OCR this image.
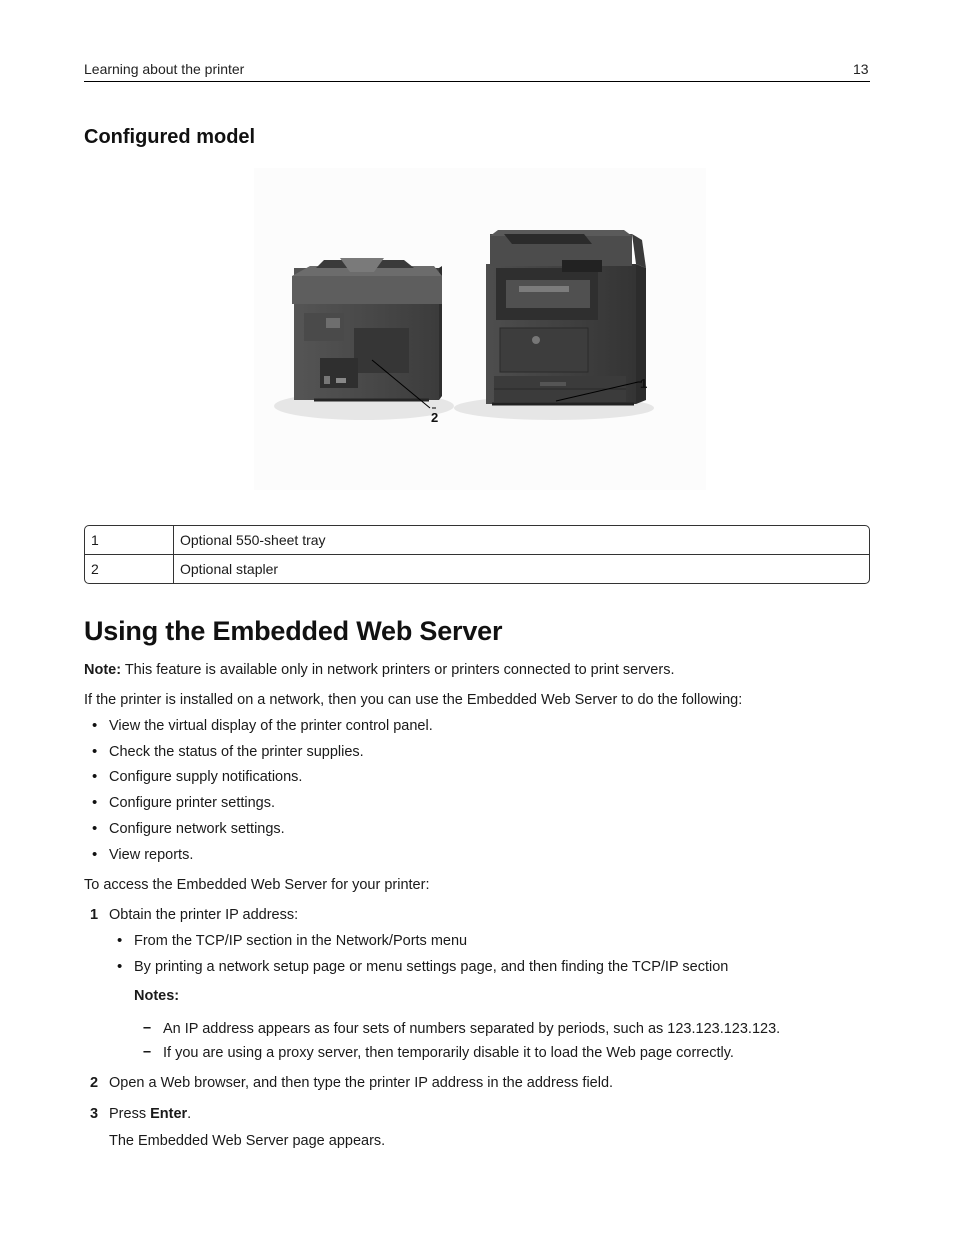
Learning about the printer	13
Configured model
1
2
1	Optional 550-sheet tray
2	Optional stapler
Using the Embedded Web Server
Note: This feature is available only in network printers or printers connected to print servers.
If the printer is installed on a network, then you can use the Embedded Web Server to do the following:
• View the virtual display of the printer control panel.
• Check the status of the printer supplies.
• Configure supply notifications.
• Configure printer settings.
• Configure network settings.
• View reports.
To access the Embedded Web Server for your printer:
1 Obtain the printer IP address:
• From the TCP/IP section in the Network/Ports menu
• By printing a network setup page or menu settings page, and then finding the TCP/IP section
Notes:
– An IP address appears as four sets of numbers separated by periods, such as 123.123.123.123.
– If you are using a proxy server, then temporarily disable it to load the Web page correctly.
2 Open a Web browser, and then type the printer IP address in the address field.
3 Press Enter.
The Embedded Web Server page appears.
